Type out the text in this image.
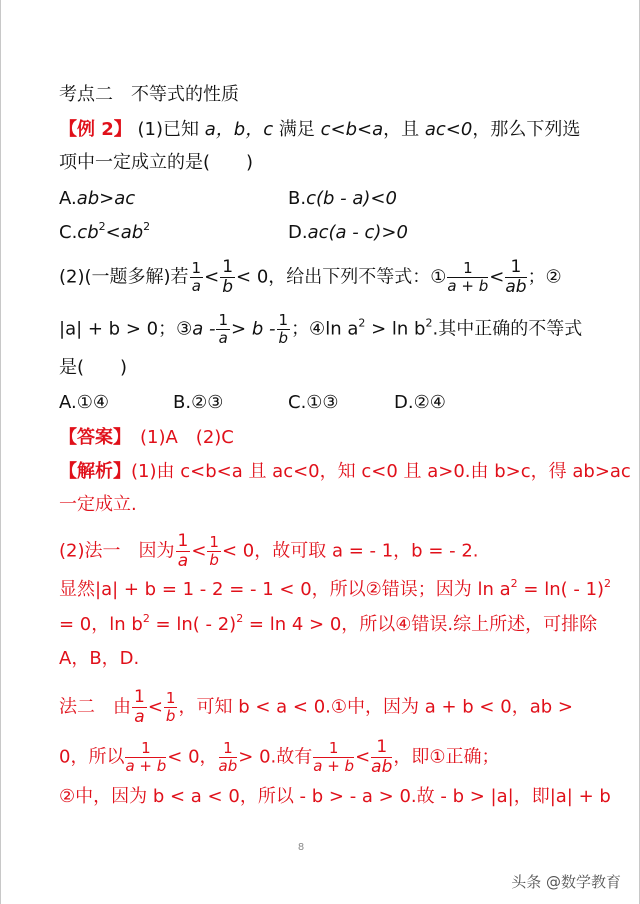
考点二　不等式的性质
【例 2】 (1)已知 a，b，c 满足 c<b<a，且 ac<0，那么下列选
项中一定成立的是(　　)
A.ab>ac	B.c(b - a)<0
$C.cb^2<ab^2$	D.ac(a - c)>0
(2)(一题多解)若 $\frac{1}{a}< \frac{1}{b}< 0$，给出下列不等式：① $\frac{1}{a + b}< \frac{1}{ab}$；②
|a| + b > 0；③a - $\frac{1}{a}> b - \frac{1}{b}$；④ln $a^2 > \ln b^2$.其中正确的不等式
是(　　)
A.①④	B.②③	C.①③	D.②④
【答案】　 (1)A　(2)C
【解析】(1)由 c<b<a 且 ac<0，知 c<0 且 a>0.由 b>c，得 ab>ac
一定成立.
(2)法一　因为 $\frac{1}{a}< \frac{1}{b}< 0$，故可取 a = - 1，b = - 2.
显然|a| + b = 1 - 2 = - 1 < 0，所以②错误；因为 $\ln a^2 = \ln( - 1)^2$
= 0，$\ln b^2 = \ln( - 2)^2 = \ln 4 > 0$，所以④错误.综上所述，可排除
A，B，D.
法二　由 $\frac{1}{a}< \frac{1}{b}$，可知 b < a < 0.①中，因为 a + b < 0，ab >
0，所以 $\frac{1}{a + b}< 0$， $\frac{1}{ab}> 0$.故有 $\frac{1}{a + b}< \frac{1}{ab}$，即①正确；
②中，因为 b < a < 0，所以 - b > - a > 0.故 - b > |a|，即|a| + b
8
头条 @数学教育
